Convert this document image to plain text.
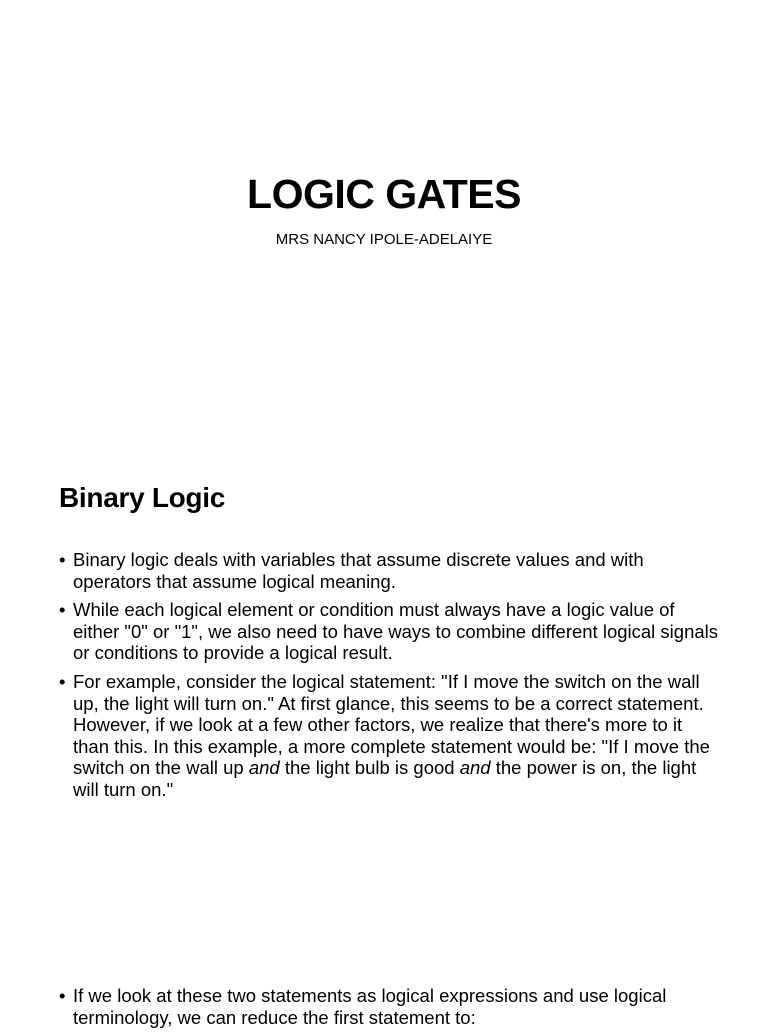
LOGIC GATES
MRS NANCY IPOLE-ADELAIYE
Binary Logic
• Binary logic deals with variables that assume discrete values and with operators that assume logical meaning.
• While each logical element or condition must always have a logic value of either "0" or "1", we also need to have ways to combine different logical signals or conditions to provide a logical result.
• For example, consider the logical statement: "If I move the switch on the wall up, the light will turn on." At first glance, this seems to be a correct statement. However, if we look at a few other factors, we realize that there's more to it than this. In this example, a more complete statement would be: "If I move the switch on the wall up and the light bulb is good and the power is on, the light will turn on."
• If we look at these two statements as logical expressions and use logical terminology, we can reduce the first statement to:
